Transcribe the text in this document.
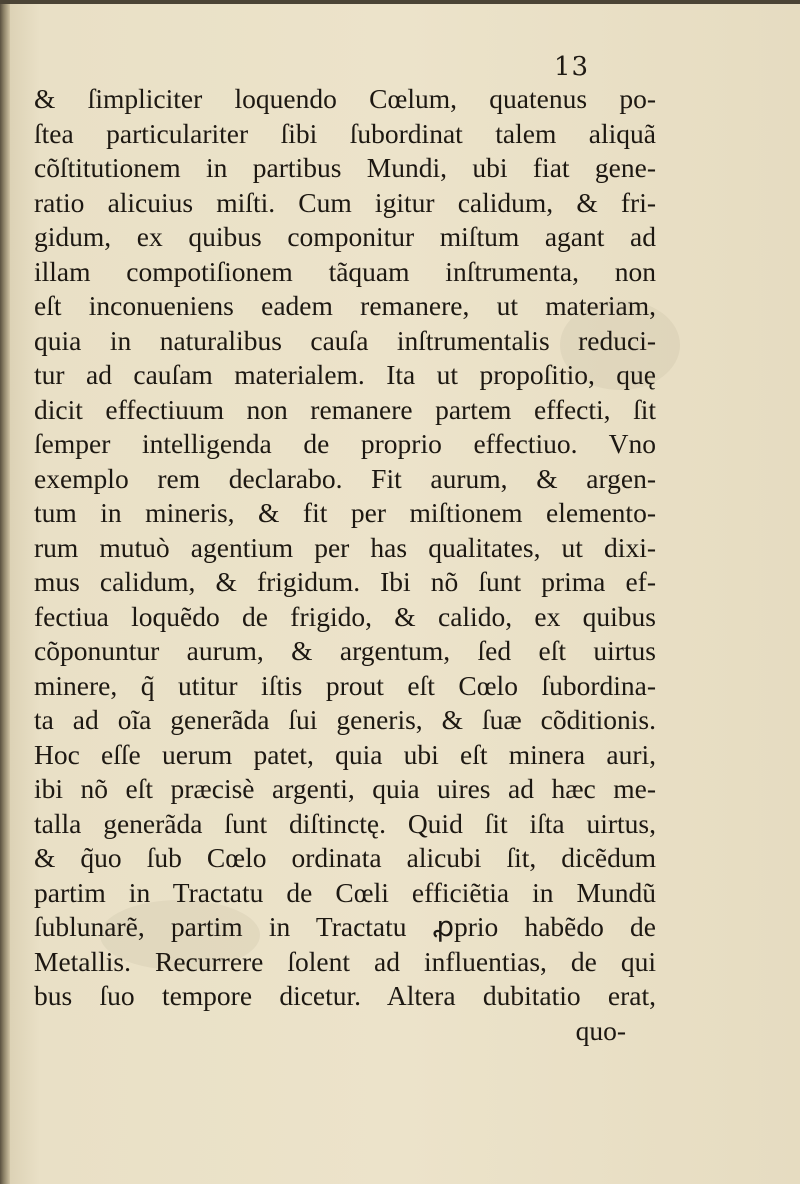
13
& ſimpliciter loquendo Cœlum, quatenus po-
ſtea particulariter ſibi ſubordinat talem aliquã
cõſtitutionem in partibus Mundi, ubi fiat gene-
ratio alicuius miſti. Cum igitur calidum, & fri-
gidum, ex quibus componitur miſtum agant ad
illam compotiſionem tãquam inſtrumenta, non
eſt inconueniens eadem remanere, ut materiam,
quia in naturalibus cauſa inſtrumentalis reduci-
tur ad cauſam materialem. Ita ut propoſitio, quę
dicit effectiuum non remanere partem effecti, ſit
ſemper intelligenda de proprio effectiuo. Vno
exemplo rem declarabo. Fit aurum, & argen-
tum in mineris, & fit per miſtionem elemento-
rum mutuò agentium per has qualitates, ut dixi-
mus calidum, & frigidum. Ibi nõ ſunt prima ef-
fectiua loquẽdo de frigido, & calido, ex quibus
cõponuntur aurum, & argentum, ſed eſt uirtus
minere, q̃ utitur iſtis prout eſt Cœlo ſubordina-
ta ad oĩa generãda ſui generis, & ſuæ cõditionis.
Hoc eſſe uerum patet, quia ubi eſt minera auri,
ibi nõ eſt præcisè argenti, quia uires ad hæc me-
talla generãda ſunt diſtinctę. Quid ſit iſta uirtus,
& q̃uo ſub Cœlo ordinata alicubi ſit, dicẽdum
partim in Tractatu de Cœli efficiẽtia in Mundũ
ſublunarẽ, partim in Tractatu ꝓprio habẽdo de
Metallis. Recurrere ſolent ad influentias, de qui
bus ſuo tempore dicetur. Altera dubitatio erat,
quo-
